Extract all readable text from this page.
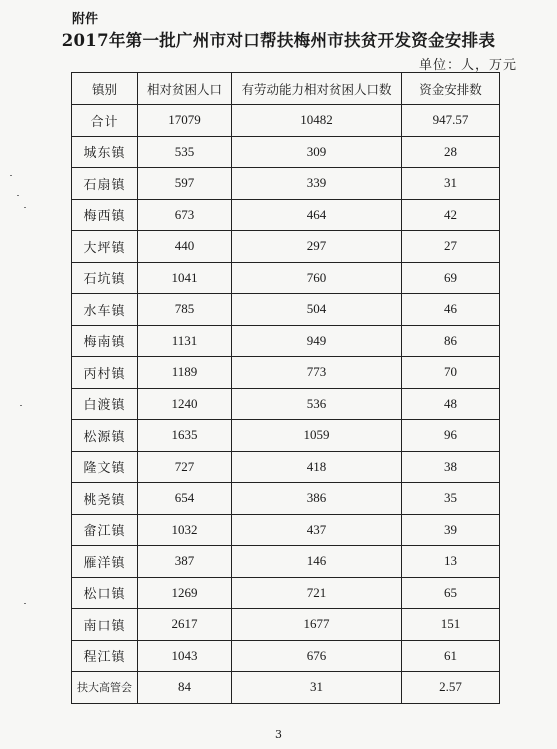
附件
2017年第一批广州市对口帮扶梅州市扶贫开发资金安排表
单位：人，万元
镇别	相对贫困人口	有劳动能力相对贫困人口数	资金安排数
合计	17079	10482	947.57
城东镇	535	309	28
石扇镇	597	339	31
梅西镇	673	464	42
大坪镇	440	297	27
石坑镇	1041	760	69
水车镇	785	504	46
梅南镇	1131	949	86
丙村镇	1189	773	70
白渡镇	1240	536	48
松源镇	1635	1059	96
隆文镇	727	418	38
桃尧镇	654	386	35
畲江镇	1032	437	39
雁洋镇	387	146	13
松口镇	1269	721	65
南口镇	2617	1677	151
程江镇	1043	676	61
扶大高管会	84	31	2.57
3
